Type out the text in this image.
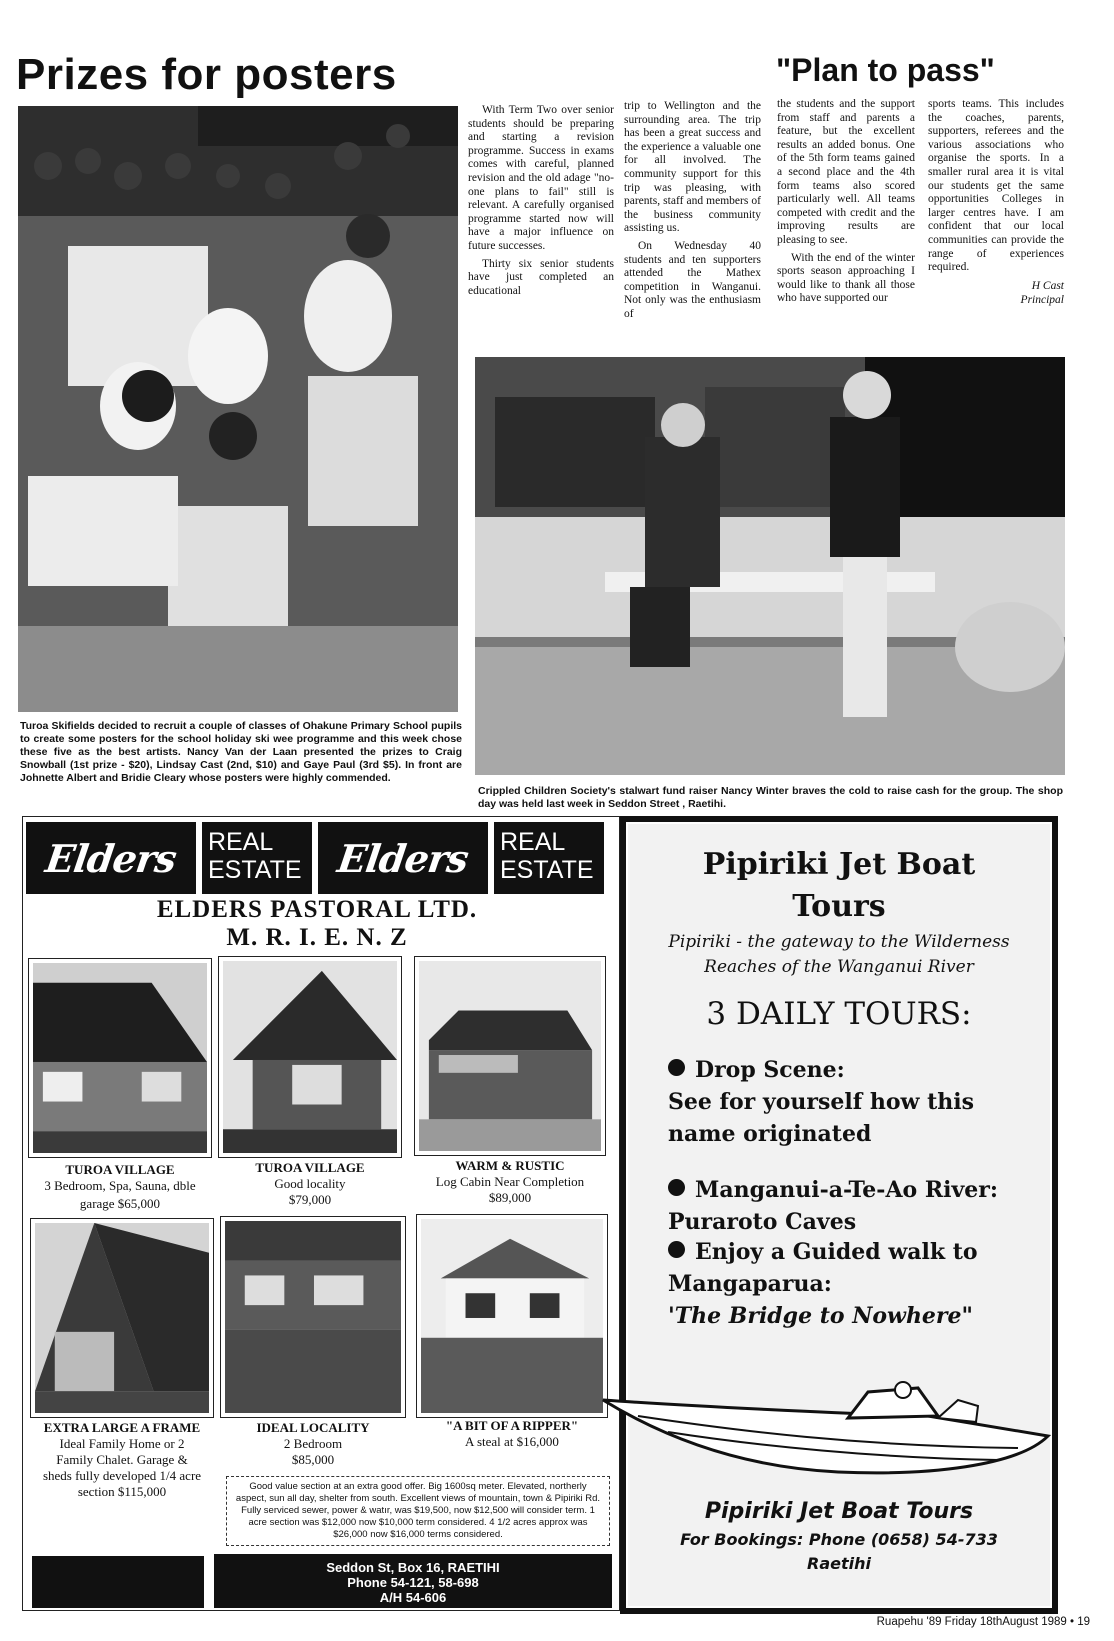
Prizes for posters	"Plan to pass"

With Term Two over senior students should be preparing and starting a revision programme. Success in exams comes with careful, planned revision and the old adage "no-one plans to fail" still is relevant. A carefully organised programme started now will have a major influence on future successes.

Thirty six senior students have just completed an educational

trip to Wellington and the surrounding area. The trip has been a great success and the experience a valuable one for all involved. The community support for this trip was pleasing, with parents, staff and members of the business community assisting us.

On Wednesday 40 students and ten supporters attended the Mathex competition in Wanganui. Not only was the enthusiasm of

the students and the support from staff and parents a feature, but the excellent results an added bonus. One of the 5th form teams gained a second place and the 4th form teams also scored particularly well. All teams competed with credit and the improving results are pleasing to see.

With the end of the winter sports season approaching I would like to thank all those who have supported our

sports teams. This includes the coaches, parents, supporters, referees and the various associations who organise the sports. In a smaller rural area it is vital our students get the same opportunities Colleges in larger centres have. I am confident that our local communities can provide the range of experiences required.

H Cast
Principal
Turoa Skifields decided to recruit a couple of classes of Ohakune Primary School pupils to create some posters for the school holiday ski wee programme and this week chose these five as the best artists. Nancy Van der Laan presented the prizes to Craig Snowball (1st prize - $20), Lindsay Cast (2nd, $10) and Gaye Paul (3rd $5). In front are Johnette Albert and Bridie Cleary whose posters were highly commended.
Crippled Children Society's stalwart fund raiser Nancy Winter braves the cold to raise cash for the group. The shop day was held last week in Seddon Street , Raetihi.
Elders REAL
ESTATE Elders REAL
ESTATE
ELDERS PASTORAL LTD.
M. R. I. E. N. Z
TUROA VILLAGE
3 Bedroom, Spa, Sauna, dble
garage $65,000
TUROA VILLAGE
Good locality
$79,000
WARM & RUSTIC
Log Cabin Near Completion
$89,000
EXTRA LARGE A FRAME
Ideal Family Home or 2
Family Chalet. Garage &
sheds fully developed 1/4 acre
section $115,000
IDEAL LOCALITY
2 Bedroom
$85,000
"A BIT OF A RIPPER"
A steal at $16,000
Good value section at an extra good offer. Big 1600sq meter. Elevated, northerly aspect, sun all day, shelter from south. Excellent views of mountain, town & Pipiriki Rd. Fully serviced sewer, power & watır, was $19,500, now $12,500 will consider term. 1 acre section was $12,000 now $10,000 term considered. 4 1/2 acres approx was $26,000 now $16,000 terms considered.
Seddon St, Box 16, RAETIHI
Phone 54-121, 58-698
A/H 54-606
Pipiriki Jet Boat
Tours
Pipiriki - the gateway to the Wilderness
Reaches of the Wanganui River
3 DAILY TOURS:
Drop Scene:
See for yourself how this
name originated
Manganui-a-Te-Ao River:
Puraroto Caves
Enjoy a Guided walk to
Mangaparua:
'The Bridge to Nowhere"
Pipiriki Jet Boat Tours
For Bookings: Phone (0658) 54-733
Raetihi
Ruapehu '89 Friday 18thAugust 1989 • 19
